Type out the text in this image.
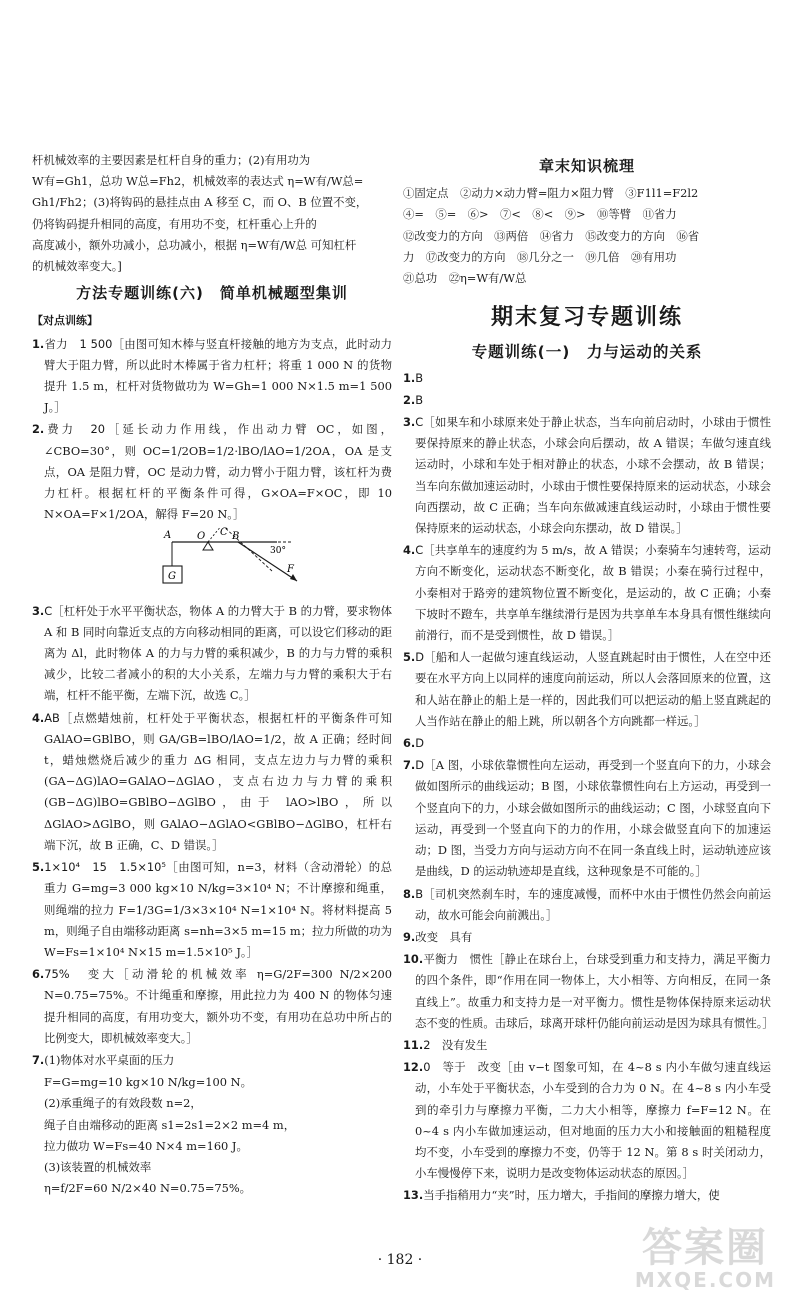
杆机械效率的主要因素是杠杆自身的重力；(2)有用功为
W有=Gh1，总功 W总=Fh2，机械效率的表达式 η=W有/W总=
Gh1/Fh2；(3)将钩码的悬挂点由 A 移至 C，而 O、B 位置不变，
仍将钩码提升相同的高度，有用功不变，杠杆重心上升的
高度减小，额外功减小，总功减小，根据 η=W有/W总 可知杠杆
的机械效率变大。]
方法专题训练(六)　简单机械题型集训
【对点训练】
1.省力　1 500［由图可知木棒与竖直杆接触的地方为支点，此时动力臂大于阻力臂，所以此时木棒属于省力杠杆；将重 1 000 N 的货物提升 1.5 m，杠杆对货物做功为 W=Gh=1 000 N×1.5 m=1 500 J。］
2.费力　20［延长动力作用线，作出动力臂 OC，如图，∠CBO=30°，则 OC=1/2OB=1/2·lBO/lAO=1/2OA，OA 是支点，OA 是阻力臂，OC 是动力臂，动力臂小于阻力臂，该杠杆为费力杠杆。根据杠杆的平衡条件可得，G×OA=F×OC，即 10 N×OA=F×1/2OA，解得 F=20 N。］
A	O C B
30°
F
G
3.C［杠杆处于水平平衡状态，物体 A 的力臂大于 B 的力臂，要求物体 A 和 B 同时向靠近支点的方向移动相同的距离，可以设它们移动的距离为 Δl，此时物体 A 的力与力臂的乘积减少，B 的力与力臂的乘积减少，比较二者减小的积的大小关系，左端力与力臂的乘积大于右端，杠杆不能平衡，左端下沉，故选 C。］
4.AB［点燃蜡烛前，杠杆处于平衡状态，根据杠杆的平衡条件可知 GAlAO=GBlBO，则 GA/GB=lBO/lAO=1/2，故 A 正确；经时间 t，蜡烛燃烧后减少的重力 ΔG 相同，支点左边力与力臂的乘积 (GA−ΔG)lAO=GAlAO−ΔGlAO，支点右边力与力臂的乘积 (GB−ΔG)lBO=GBlBO−ΔGlBO，由于 lAO>lBO，所以 ΔGlAO>ΔGlBO，则 GAlAO−ΔGlAO<GBlBO−ΔGlBO，杠杆右端下沉，故 B 正确，C、D 错误。］
5.1×10⁴　15　1.5×10⁵［由图可知，n=3，材料（含动滑轮）的总重力 G=mg=3 000 kg×10 N/kg=3×10⁴ N；不计摩擦和绳重，则绳端的拉力 F=1/3G=1/3×3×10⁴ N=1×10⁴ N。将材料提高 5 m，则绳子自由端移动距离 s=nh=3×5 m=15 m；拉力所做的功为 W=Fs=1×10⁴ N×15 m=1.5×10⁵ J。］
6.75%　变大［动滑轮的机械效率 η=G/2F=300 N/2×200 N=0.75=75%。不计绳重和摩擦，用此拉力为 400 N 的物体匀速提升相同的高度，有用功变大，额外功不变，有用功在总功中所占的比例变大，即机械效率变大。］
7.(1)物体对水平桌面的压力
F=G=mg=10 kg×10 N/kg=100 N。
(2)承重绳子的有效段数 n=2，
绳子自由端移动的距离 s1=2s1=2×2 m=4 m，
拉力做功 W=Fs=40 N×4 m=160 J。
(3)该装置的机械效率
η=f/2F=60 N/2×40 N=0.75=75%。
章末知识梳理
①固定点　②动力×动力臂=阻力×阻力臂　③F1l1=F2l2
④=　⑤=　⑥>　⑦<　⑧<　⑨>　⑩等臂　⑪省力
⑫改变力的方向　⑬两倍　⑭省力　⑮改变力的方向　⑯省
力　⑰改变力的方向　⑱几分之一　⑲几倍　⑳有用功
㉑总功　㉒η=W有/W总
期末复习专题训练
专题训练(一)　力与运动的关系
1.B　
2.B
3.C［如果车和小球原来处于静止状态，当车向前启动时，小球由于惯性要保持原来的静止状态，小球会向后摆动，故 A 错误；车做匀速直线运动时，小球和车处于相对静止的状态，小球不会摆动，故 B 错误；当车向东做加速运动时，小球由于惯性要保持原来的运动状态，小球会向西摆动，故 C 正确；当车向东做减速直线运动时，小球由于惯性要保持原来的运动状态，小球会向东摆动，故 D 错误。］
4.C［共享单车的速度约为 5 m/s，故 A 错误；小秦骑车匀速转弯，运动方向不断变化，运动状态不断变化，故 B 错误；小秦在骑行过程中，小秦相对于路旁的建筑物位置不断变化，是运动的，故 C 正确；小秦下坡时不蹬车，共享单车继续滑行是因为共享单车本身具有惯性继续向前滑行，而不是受到惯性，故 D 错误。］
5.D［船和人一起做匀速直线运动，人竖直跳起时由于惯性，人在空中还要在水平方向上以同样的速度向前运动，所以人会落回原来的位置，这和人站在静止的船上是一样的，因此我们可以把运动的船上竖直跳起的人当作站在静止的船上跳，所以朝各个方向跳都一样远。］
6.D
7.D［A 图，小球依靠惯性向左运动，再受到一个竖直向下的力，小球会做如图所示的曲线运动；B 图，小球依靠惯性向右上方运动，再受到一个竖直向下的力，小球会做如图所示的曲线运动；C 图，小球竖直向下运动，再受到一个竖直向下的力的作用，小球会做竖直向下的加速运动；D 图，当受力方向与运动方向不在同一条直线上时，运动轨迹应该是曲线，D 的运动轨迹却是直线，这种现象是不可能的。］
8.B［司机突然刹车时，车的速度减慢，而杯中水由于惯性仍然会向前运动，故水可能会向前溅出。］
9.改变　具有
10.平衡力　惯性［静止在球台上，台球受到重力和支持力，满足平衡力的四个条件，即“作用在同一物体上，大小相等、方向相反，在同一条直线上”。故重力和支持力是一对平衡力。惯性是物体保持原来运动状态不变的性质。击球后，球离开球杆仍能向前运动是因为球具有惯性。］
11.2　没有发生
12.0　等于　改变［由 v−t 图象可知，在 4~8 s 内小车做匀速直线运动，小车处于平衡状态，小车受到的合力为 0 N。在 4~8 s 内小车受到的牵引力与摩擦力平衡，二力大小相等，摩擦力 f=F=12 N。在 0~4 s 内小车做加速运动，但对地面的压力大小和接触面的粗糙程度均不变，小车受到的摩擦力不变，仍等于 12 N。第 8 s 时关闭动力，小车慢慢停下来，说明力是改变物体运动状态的原因。］
13.当手指稍用力“夹”时，压力增大，手指间的摩擦力增大，使
· 182 ·	答案圈
MXQE.COM
